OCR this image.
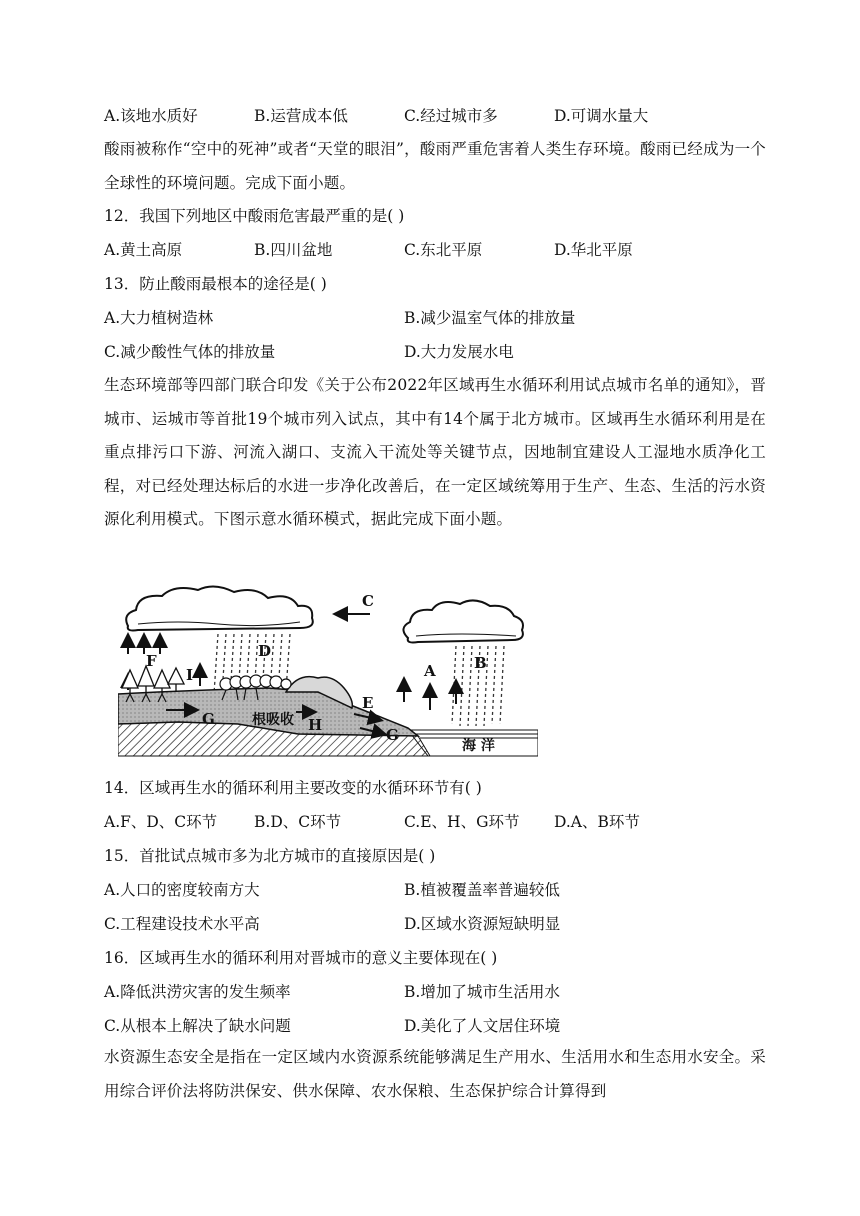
A.该地水质好	B.运营成本低	C.经过城市多	D.可调水量大
酸雨被称作“空中的死神”或者“天堂的眼泪”，酸雨严重危害着人类生存环境。酸雨已经成为一个全球性的环境问题。完成下面小题。
12．我国下列地区中酸雨危害最严重的是( )
A.黄土高原	B.四川盆地	C.东北平原	D.华北平原
13．防止酸雨最根本的途径是( )
A.大力植树造林	B.减少温室气体的排放量
C.减少酸性气体的排放量	D.大力发展水电
生态环境部等四部门联合印发《关于公布2022年区域再生水循环利用试点城市名单的通知》，晋城市、运城市等首批19个城市列入试点，其中有14个属于北方城市。区域再生水循环利用是在重点排污口下游、河流入湖口、支流入干流处等关键节点，因地制宜建设人工湿地水质净化工程，对已经处理达标后的水进一步净化改善后，在一定区域统筹用于生产、生态、生活的污水资源化利用模式。下图示意水循环模式，据此完成下面小题。
C
D
A	B
F
I
E
G
G
H
根吸收
海 洋
14．区域再生水的循环利用主要改变的水循环环节有( )
A.F、D、C环节 B.D、C环节	C.E、H、G环节 D.A、B环节
15．首批试点城市多为北方城市的直接原因是( )
A.人口的密度较南方大	B.植被覆盖率普遍较低
C.工程建设技术水平高	D.区域水资源短缺明显
16．区域再生水的循环利用对晋城市的意义主要体现在( )
A.降低洪涝灾害的发生频率	B.增加了城市生活用水
C.从根本上解决了缺水问题	D.美化了人文居住环境
水资源生态安全是指在一定区域内水资源系统能够满足生产用水、生活用水和生态用水安全。采用综合评价法将防洪保安、供水保障、农水保粮、生态保护综合计算得到
